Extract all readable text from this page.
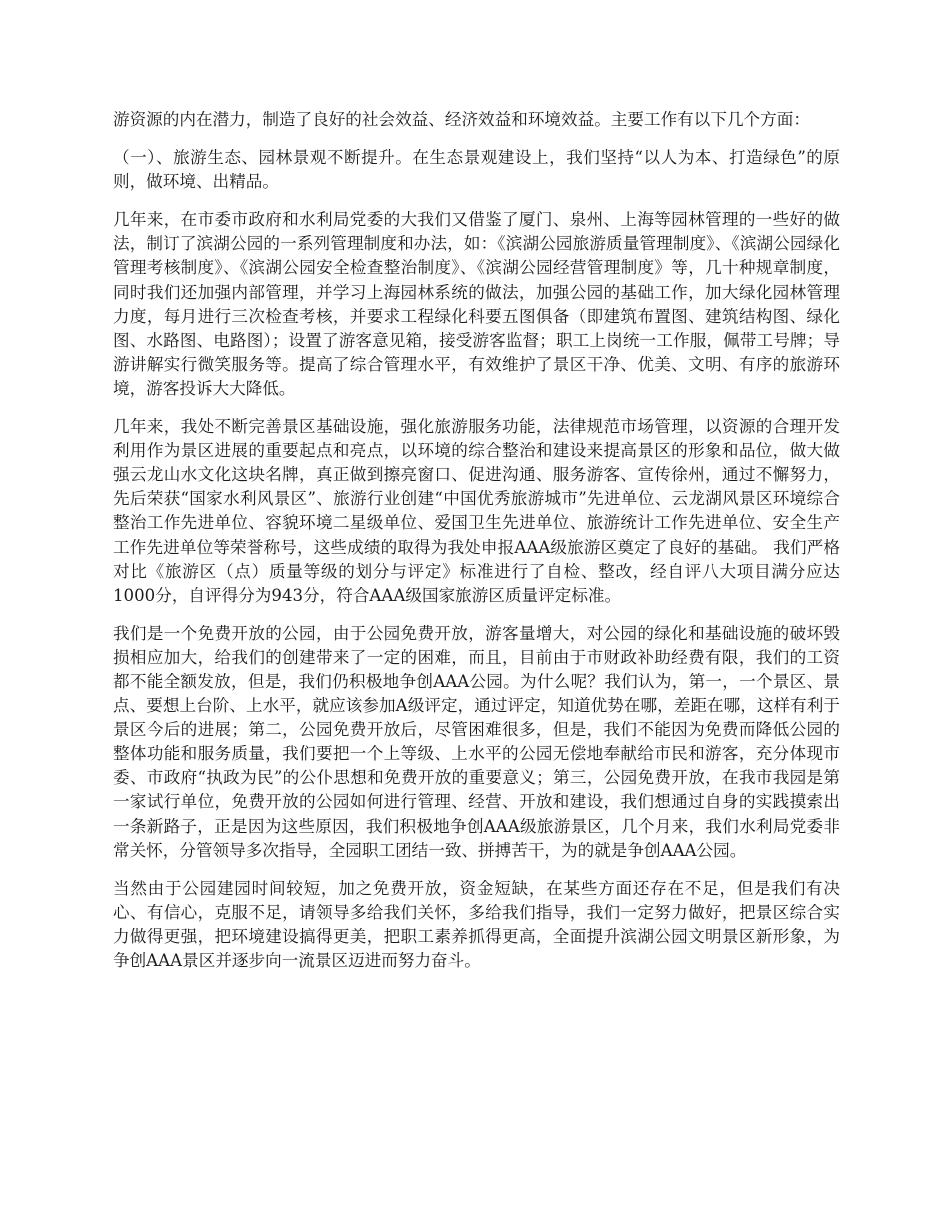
游资源的内在潜力，制造了良好的社会效益、经济效益和环境效益。主要工作有以下几个方面：

（一）、旅游生态、园林景观不断提升。在生态景观建设上，我们坚持“以人为本、打造绿色”的原则，做环境、出精品。

几年来，在市委市政府和水利局党委的大我们又借鉴了厦门、泉州、上海等园林管理的一些好的做法，制订了滨湖公园的一系列管理制度和办法，如：《滨湖公园旅游质量管理制度》、《滨湖公园绿化管理考核制度》、《滨湖公园安全检查整治制度》、《滨湖公园经营管理制度》等，几十种规章制度，同时我们还加强内部管理，并学习上海园林系统的做法，加强公园的基础工作，加大绿化园林管理力度，每月进行三次检查考核，并要求工程绿化科要五图俱备（即建筑布置图、建筑结构图、绿化图、水路图、电路图）；设置了游客意见箱，接受游客监督；职工上岗统一工作服，佩带工号牌；导游讲解实行微笑服务等。提高了综合管理水平，有效维护了景区干净、优美、文明、有序的旅游环境，游客投诉大大降低。

几年来，我处不断完善景区基础设施，强化旅游服务功能，法律规范市场管理，以资源的合理开发利用作为景区进展的重要起点和亮点，以环境的综合整治和建设来提高景区的形象和品位，做大做强云龙山水文化这块名牌，真正做到擦亮窗口、促进沟通、服务游客、宣传徐州，通过不懈努力，先后荣获“国家水利风景区”、旅游行业创建“中国优秀旅游城市”先进单位、云龙湖风景区环境综合整治工作先进单位、容貌环境二星级单位、爱国卫生先进单位、旅游统计工作先进单位、安全生产工作先进单位等荣誉称号，这些成绩的取得为我处申报AAA级旅游区奠定了良好的基础。 我们严格对比《旅游区（点）质量等级的划分与评定》标准进行了自检、整改，经自评八大项目满分应达1000分，自评得分为943分，符合AAA级国家旅游区质量评定标准。

我们是一个免费开放的公园，由于公园免费开放，游客量增大，对公园的绿化和基础设施的破坏毁损相应加大，给我们的创建带来了一定的困难，而且，目前由于市财政补助经费有限，我们的工资都不能全额发放，但是，我们仍积极地争创AAA公园。为什么呢？我们认为，第一，一个景区、景点、要想上台阶、上水平，就应该参加A级评定，通过评定，知道优势在哪，差距在哪，这样有利于景区今后的进展；第二，公园免费开放后，尽管困难很多，但是，我们不能因为免费而降低公园的整体功能和服务质量，我们要把一个上等级、上水平的公园无偿地奉献给市民和游客，充分体现市委、市政府“执政为民”的公仆思想和免费开放的重要意义；第三，公园免费开放，在我市我园是第一家试行单位，免费开放的公园如何进行管理、经营、开放和建设，我们想通过自身的实践摸索出一条新路子，正是因为这些原因，我们积极地争创AAA级旅游景区，几个月来，我们水利局党委非常关怀，分管领导多次指导，全园职工团结一致、拼搏苦干，为的就是争创AAA公园。

当然由于公园建园时间较短，加之免费开放，资金短缺，在某些方面还存在不足，但是我们有决心、有信心，克服不足，请领导多给我们关怀，多给我们指导，我们一定努力做好，把景区综合实力做得更强，把环境建设搞得更美，把职工素养抓得更高，全面提升滨湖公园文明景区新形象，为争创AAA景区并逐步向一流景区迈进而努力奋斗。
